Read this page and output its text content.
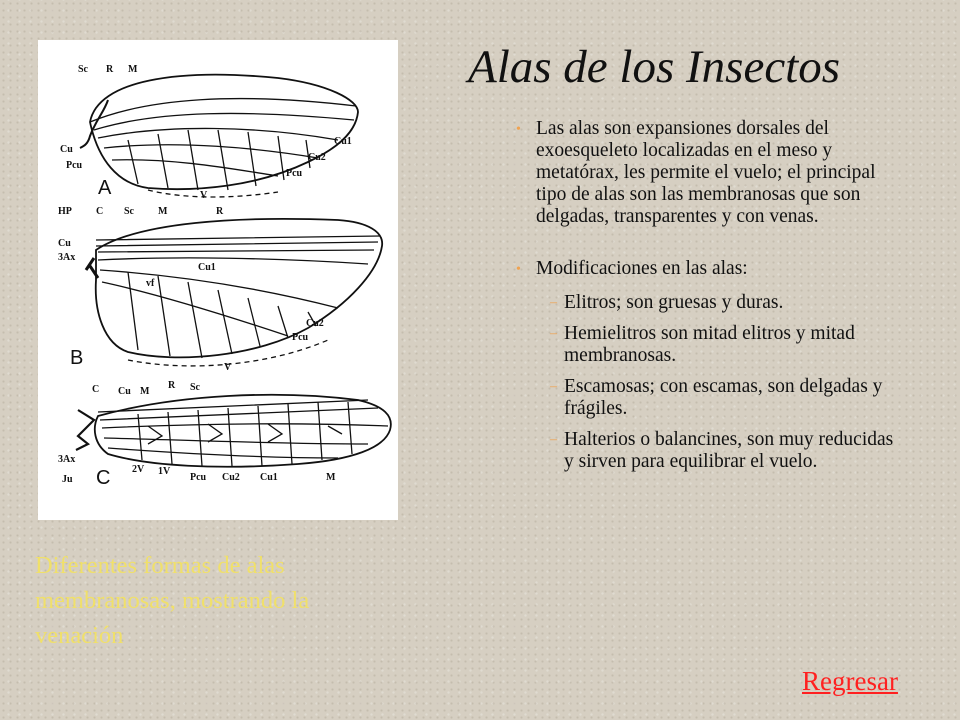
Sc R M
Cu
Pcu
Cu1
Cu2
Pcu
V
A
HP C Sc M	R
Cu
3Ax
Cu1
vf
Cu2
Pcu
V
B
C Cu M
R Sc
3Ax
Ju
2V 1V
Pcu Cu2 Cu1	M
C
Alas de los Insectos
• Las alas son expansiones dorsales del exoesqueleto localizadas en el meso y metatórax, les permite el vuelo; el principal tipo de alas son las membranosas que son delgadas, transparentes y con venas.
• Modificaciones en las alas:
– Elitros; son gruesas y duras.
– Hemielitros son mitad elitros y mitad membranosas.
– Escamosas; con escamas, son delgadas y frágiles.
– Halterios o balancines, son muy reducidas y sirven para equilibrar el vuelo.
Diferentes formas de alas membranosas, mostrando la venación
Regresar
